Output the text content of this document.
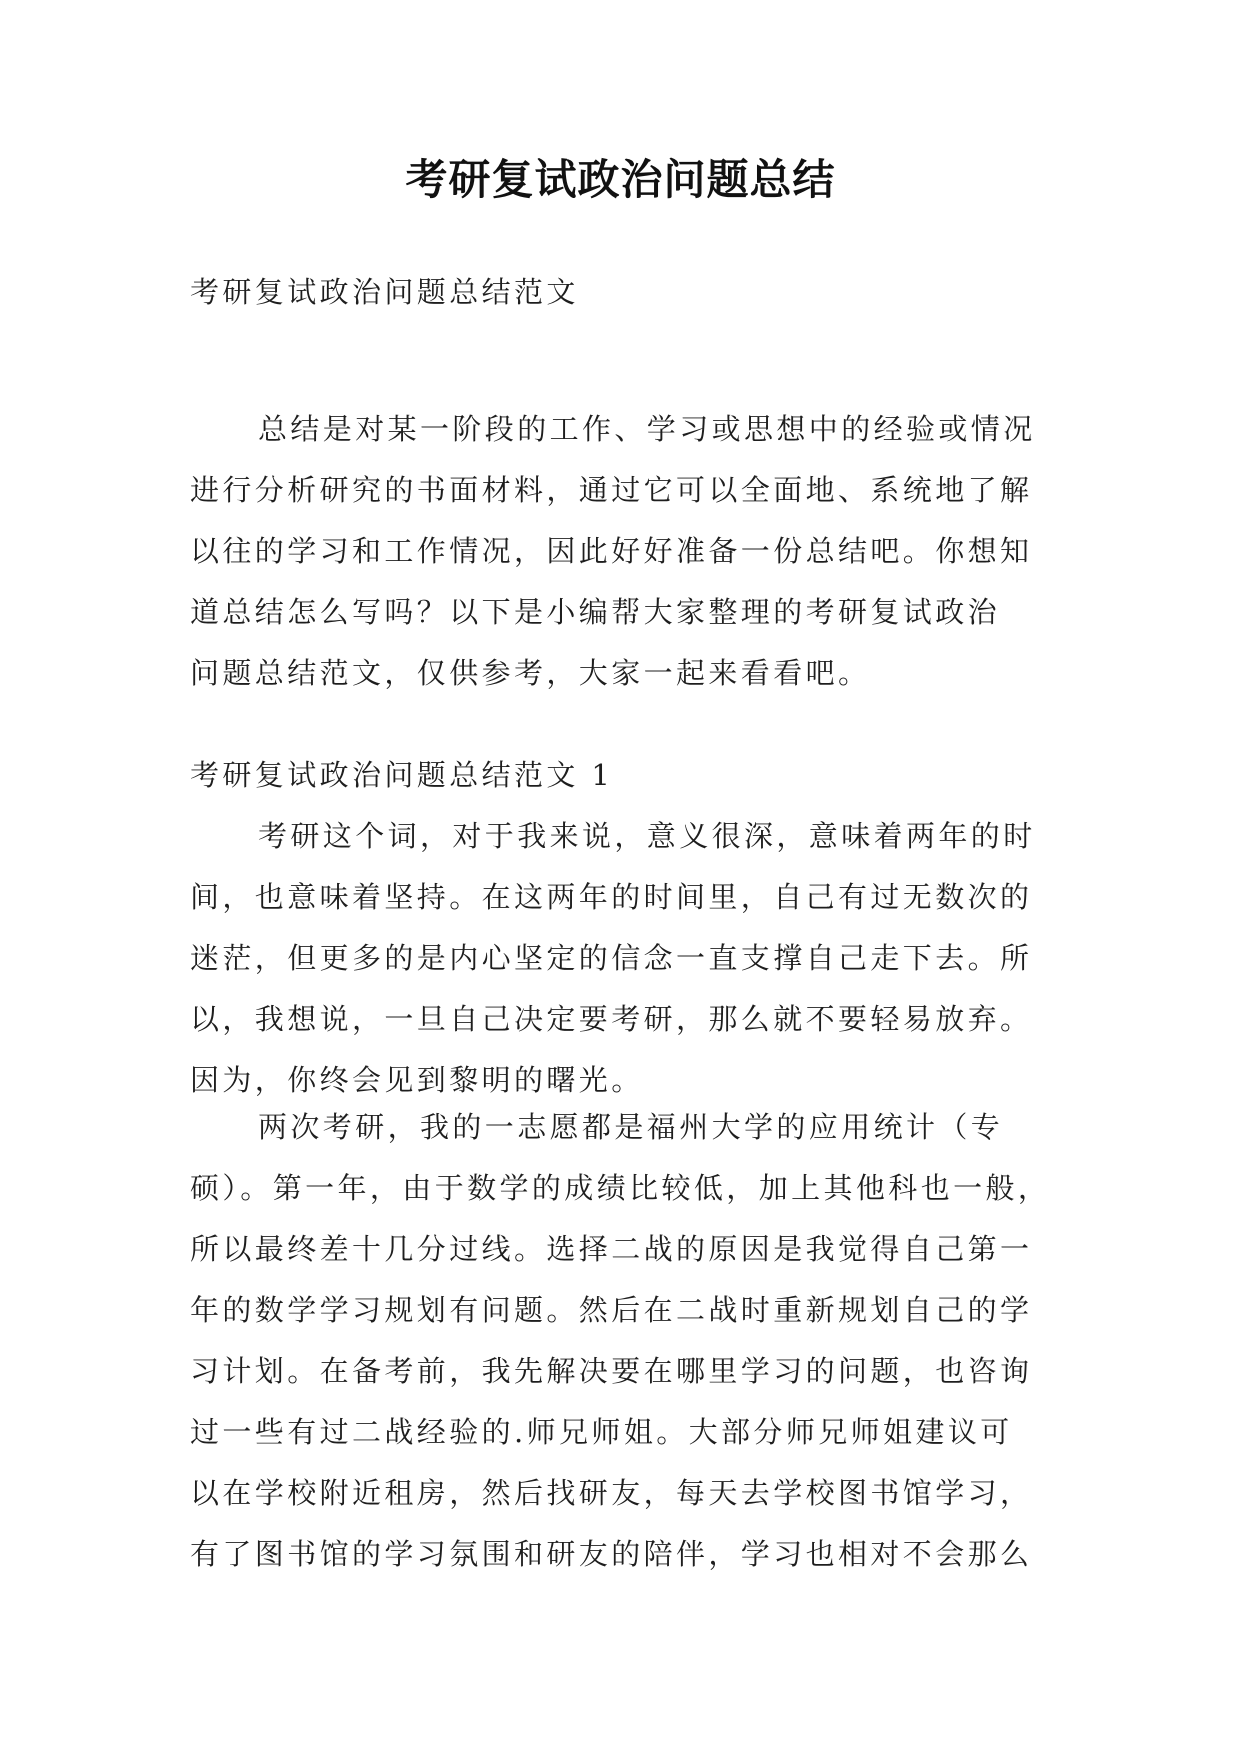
考研复试政治问题总结

考研复试政治问题总结范文

总结是对某一阶段的工作、学习或思想中的经验或情况
进行分析研究的书面材料，通过它可以全面地、系统地了解
以往的学习和工作情况，因此好好准备一份总结吧。你想知
道总结怎么写吗？以下是小编帮大家整理的考研复试政治
问题总结范文，仅供参考，大家一起来看看吧。

考研复试政治问题总结范文 1

考研这个词，对于我来说，意义很深，意味着两年的时
间，也意味着坚持。在这两年的时间里，自己有过无数次的
迷茫，但更多的是内心坚定的信念一直支撑自己走下去。所
以，我想说，一旦自己决定要考研，那么就不要轻易放弃。
因为，你终会见到黎明的曙光。
两次考研，我的一志愿都是福州大学的应用统计（专
硕）。第一年，由于数学的成绩比较低，加上其他科也一般，
所以最终差十几分过线。选择二战的原因是我觉得自己第一
年的数学学习规划有问题。然后在二战时重新规划自己的学
习计划。在备考前，我先解决要在哪里学习的问题，也咨询
过一些有过二战经验的.师兄师姐。大部分师兄师姐建议可
以在学校附近租房，然后找研友，每天去学校图书馆学习，
有了图书馆的学习氛围和研友的陪伴，学习也相对不会那么
